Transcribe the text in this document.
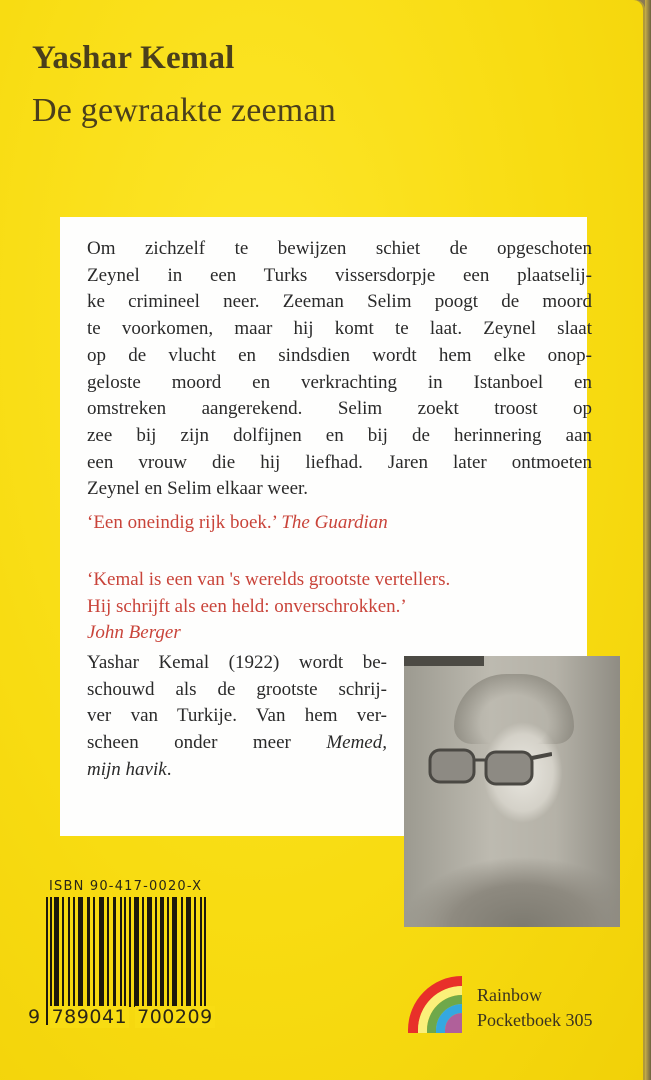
Yashar Kemal
De gewraakte zeeman
Om zichzelf te bewijzen schiet de opgeschoten
Zeynel in een Turks vissersdorpje een plaatselij-
ke crimineel neer. Zeeman Selim poogt de moord
te voorkomen, maar hij komt te laat. Zeynel slaat
op de vlucht en sindsdien wordt hem elke onop-
geloste moord en verkrachting in Istanboel en
omstreken aangerekend. Selim zoekt troost op
zee bij zijn dolfijnen en bij de herinnering aan
een vrouw die hij liefhad. Jaren later ontmoeten
Zeynel en Selim elkaar weer.
‘Een oneindig rijk boek.’ The Guardian
‘Kemal is een van 's werelds grootste vertellers.
Hij schrijft als een held: onverschrokken.’
John Berger
Yashar Kemal (1922) wordt be-
schouwd als de grootste schrij-
ver van Turkije. Van hem ver-
scheen onder meer Memed,
mijn havik.
ISBN 90-417-0020-X
9 789041 700209
Rainbow
Pocketboek 305
